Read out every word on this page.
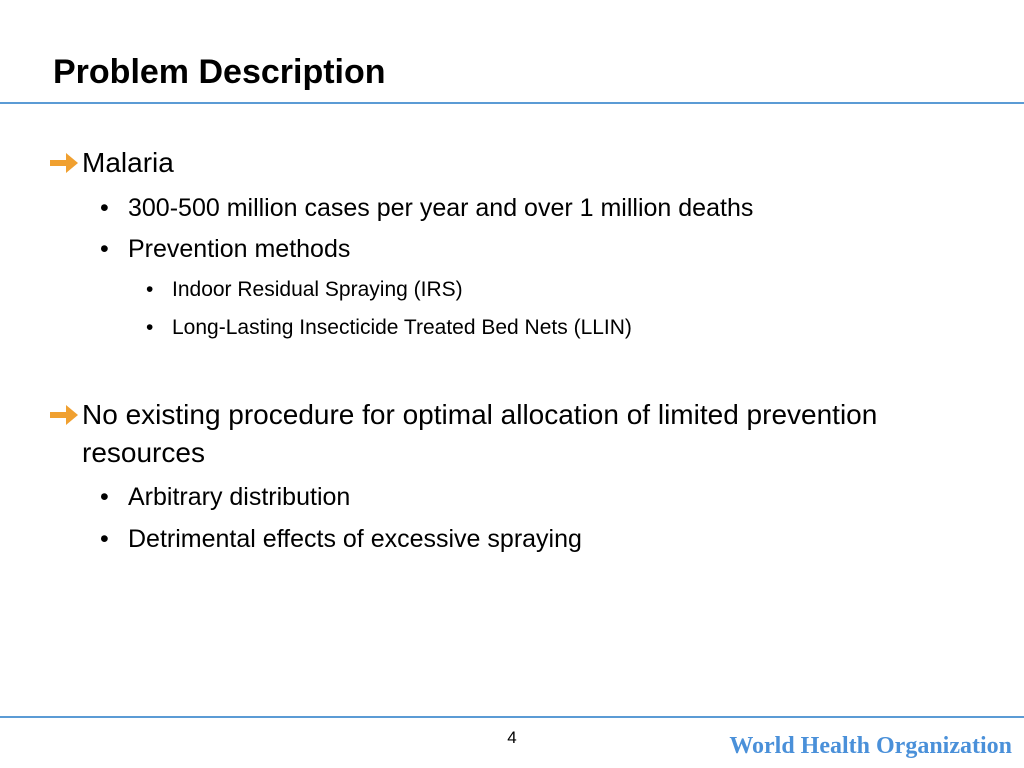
Problem Description
Malaria
• 300-500 million cases per year and over 1 million deaths
• Prevention methods
• Indoor Residual Spraying (IRS)
• Long-Lasting Insecticide Treated Bed Nets (LLIN)
No existing procedure for optimal allocation of limited prevention resources
• Arbitrary distribution
• Detrimental effects of excessive spraying
4	World Health Organization
